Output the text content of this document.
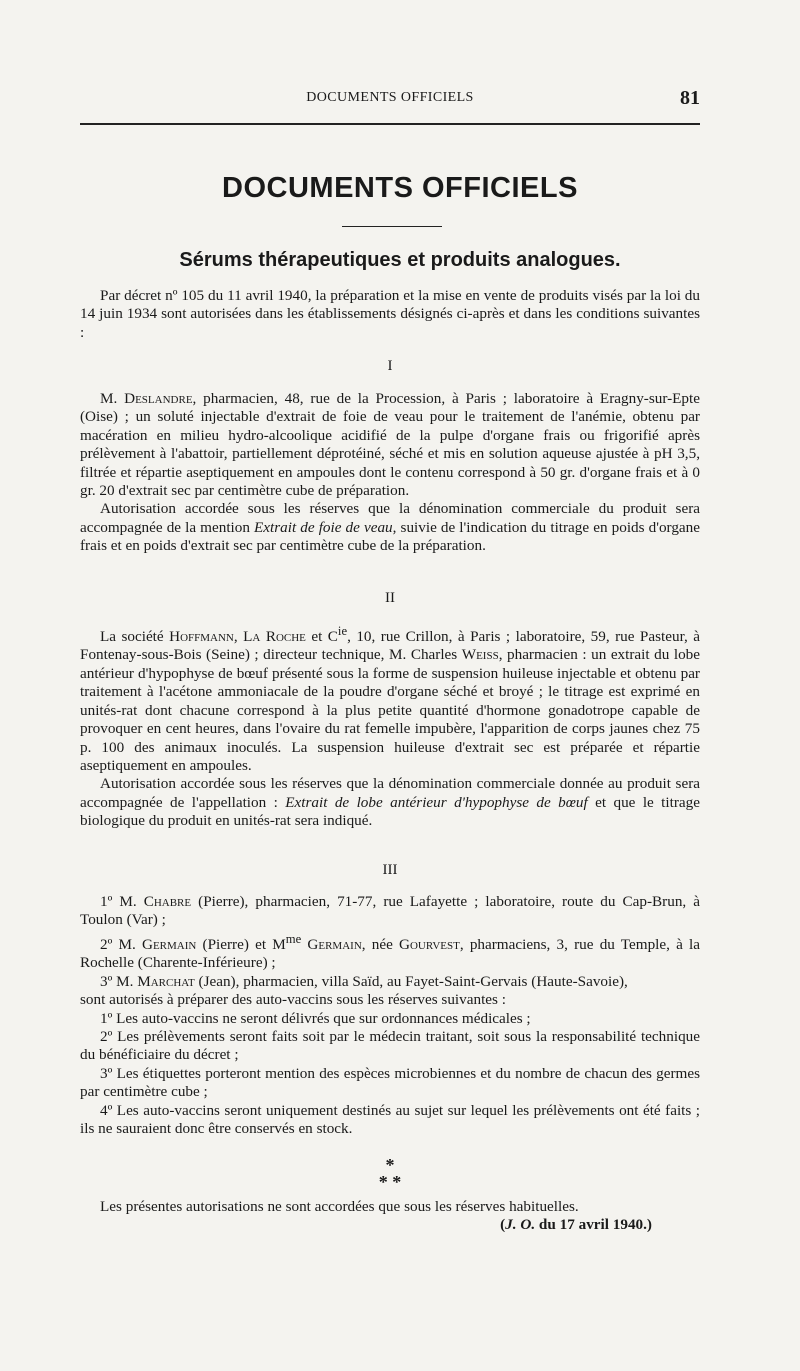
DOCUMENTS OFFICIELS	81
DOCUMENTS OFFICIELS
Sérums thérapeutiques et produits analogues.

Par décret nº 105 du 11 avril 1940, la préparation et la mise en vente de produits visés par la loi du 14 juin 1934 sont autorisées dans les établissements désignés ci-après et dans les conditions suivantes :

I

M. Deslandre, pharmacien, 48, rue de la Procession, à Paris ; laboratoire à Eragny-sur-Epte (Oise) ; un soluté injectable d'extrait de foie de veau pour le traitement de l'anémie, obtenu par macération en milieu hydro-alcoolique acidifié de la pulpe d'organe frais ou frigorifié après prélèvement à l'abattoir, partiellement déprotéiné, séché et mis en solution aqueuse ajustée à pH 3,5, filtrée et répartie aseptiquement en ampoules dont le contenu correspond à 50 gr. d'organe frais et à 0 gr. 20 d'extrait sec par centimètre cube de préparation.

Autorisation accordée sous les réserves que la dénomination commerciale du produit sera accompagnée de la mention Extrait de foie de veau, suivie de l'indication du titrage en poids d'organe frais et en poids d'extrait sec par centimètre cube de la préparation.

II

La société Hoffmann, La Roche et $C^{ie}$, 10, rue Crillon, à Paris ; laboratoire, 59, rue Pasteur, à Fontenay-sous-Bois (Seine) ; directeur technique, M. Charles Weiss, pharmacien : un extrait du lobe antérieur d'hypophyse de bœuf présenté sous la forme de suspension huileuse injectable et obtenu par traitement à l'acétone ammoniacale de la poudre d'organe séché et broyé ; le titrage est exprimé en unités-rat dont chacune correspond à la plus petite quantité d'hormone gonadotrope capable de provoquer en cent heures, dans l'ovaire du rat femelle impubère, l'apparition de corps jaunes chez 75 p. 100 des animaux inoculés. La suspension huileuse d'extrait sec est préparée et répartie aseptiquement en ampoules.

Autorisation accordée sous les réserves que la dénomination commerciale donnée au produit sera accompagnée de l'appellation : Extrait de lobe antérieur d'hypophyse de bœuf et que le titrage biologique du produit en unités-rat sera indiqué.

III

1º M. Chabre (Pierre), pharmacien, 71-77, rue Lafayette ; laboratoire, route du Cap-Brun, à Toulon (Var) ;

2º M. Germain (Pierre) et $M^{me}$ Germain, née Gourvest, pharmaciens, 3, rue du Temple, à la Rochelle (Charente-Inférieure) ;

3º M. Marchat (Jean), pharmacien, villa Saïd, au Fayet-Saint-Gervais (Haute-Savoie),

sont autorisés à préparer des auto-vaccins sous les réserves suivantes :

1º Les auto-vaccins ne seront délivrés que sur ordonnances médicales ;

2º Les prélèvements seront faits soit par le médecin traitant, soit sous la responsabilité technique du bénéficiaire du décret ;

3º Les étiquettes porteront mention des espèces microbiennes et du nombre de chacun des germes par centimètre cube ;

4º Les auto-vaccins seront uniquement destinés au sujet sur lequel les prélèvements ont été faits ; ils ne sauraient donc être conservés en stock.

*
* *
Les présentes autorisations ne sont accordées que sous les réserves habituelles.
(J. O. du 17 avril 1940.)
